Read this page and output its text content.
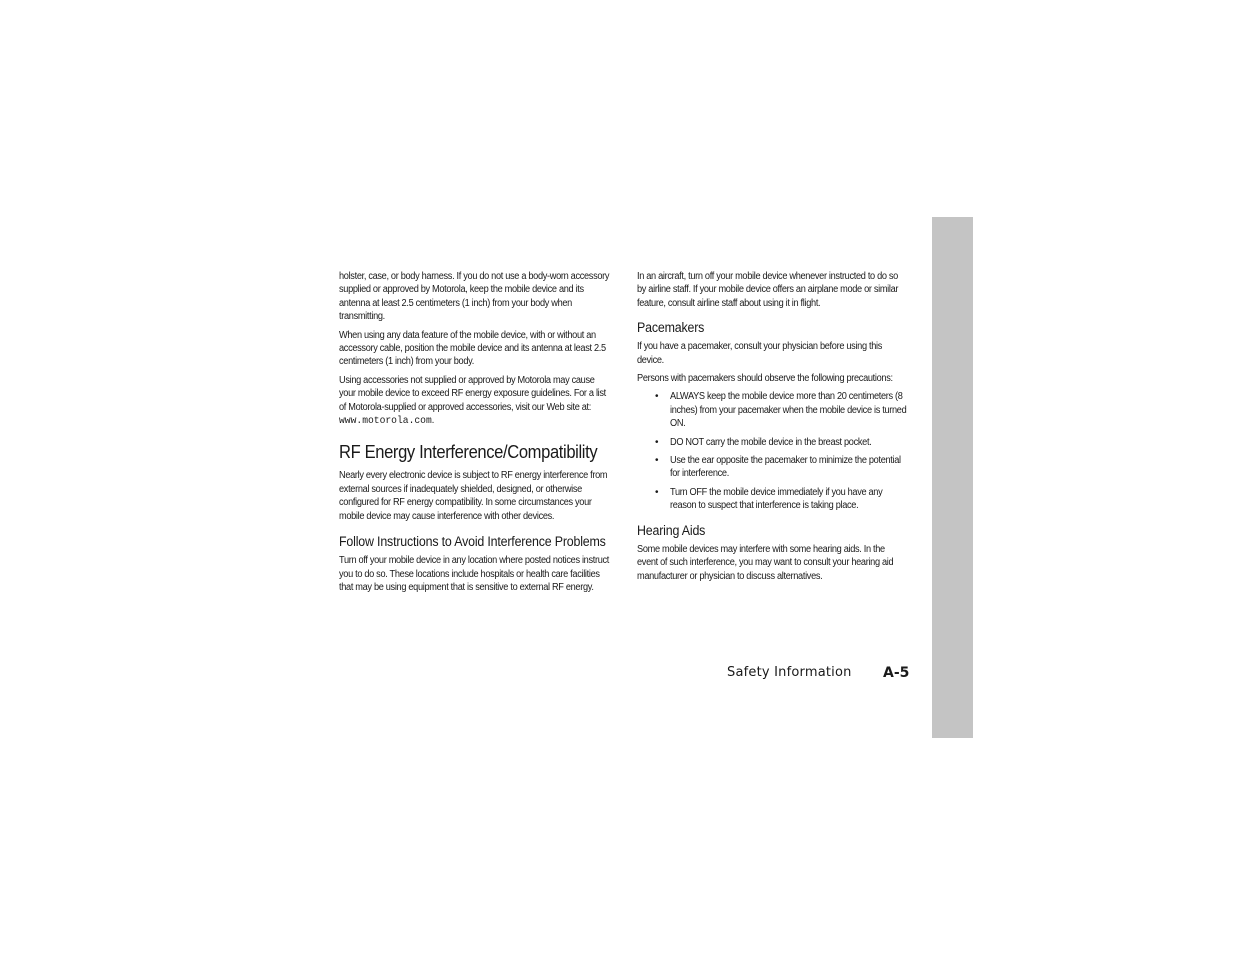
holster, case, or body harness. If you do not use a body-worn accessory supplied or approved by Motorola, keep the mobile device and its antenna at least 2.5 centimeters (1 inch) from your body when transmitting.

When using any data feature of the mobile device, with or without an accessory cable, position the mobile device and its antenna at least 2.5 centimeters (1 inch) from your body.

Using accessories not supplied or approved by Motorola may cause your mobile device to exceed RF energy exposure guidelines. For a list of Motorola-supplied or approved accessories, visit our Web site at: www.motorola.com.

RF Energy Interference/Compatibility

Nearly every electronic device is subject to RF energy interference from external sources if inadequately shielded, designed, or otherwise configured for RF energy compatibility. In some circumstances your mobile device may cause interference with other devices.

Follow Instructions to Avoid Interference Problems

Turn off your mobile device in any location where posted notices instruct you to do so. These locations include hospitals or health care facilities that may be using equipment that is sensitive to external RF energy.

In an aircraft, turn off your mobile device whenever instructed to do so by airline staff. If your mobile device offers an airplane mode or similar feature, consult airline staff about using it in flight.

Pacemakers

If you have a pacemaker, consult your physician before using this device.

Persons with pacemakers should observe the following precautions:

• ALWAYS keep the mobile device more than 20 centimeters (8 inches) from your pacemaker when the mobile device is turned ON.

• DO NOT carry the mobile device in the breast pocket.

• Use the ear opposite the pacemaker to minimize the potential for interference.

• Turn OFF the mobile device immediately if you have any reason to suspect that interference is taking place.

Hearing Aids

Some mobile devices may interfere with some hearing aids. In the event of such interference, you may want to consult your hearing aid manufacturer or physician to discuss alternatives.

Safety Information A-5
